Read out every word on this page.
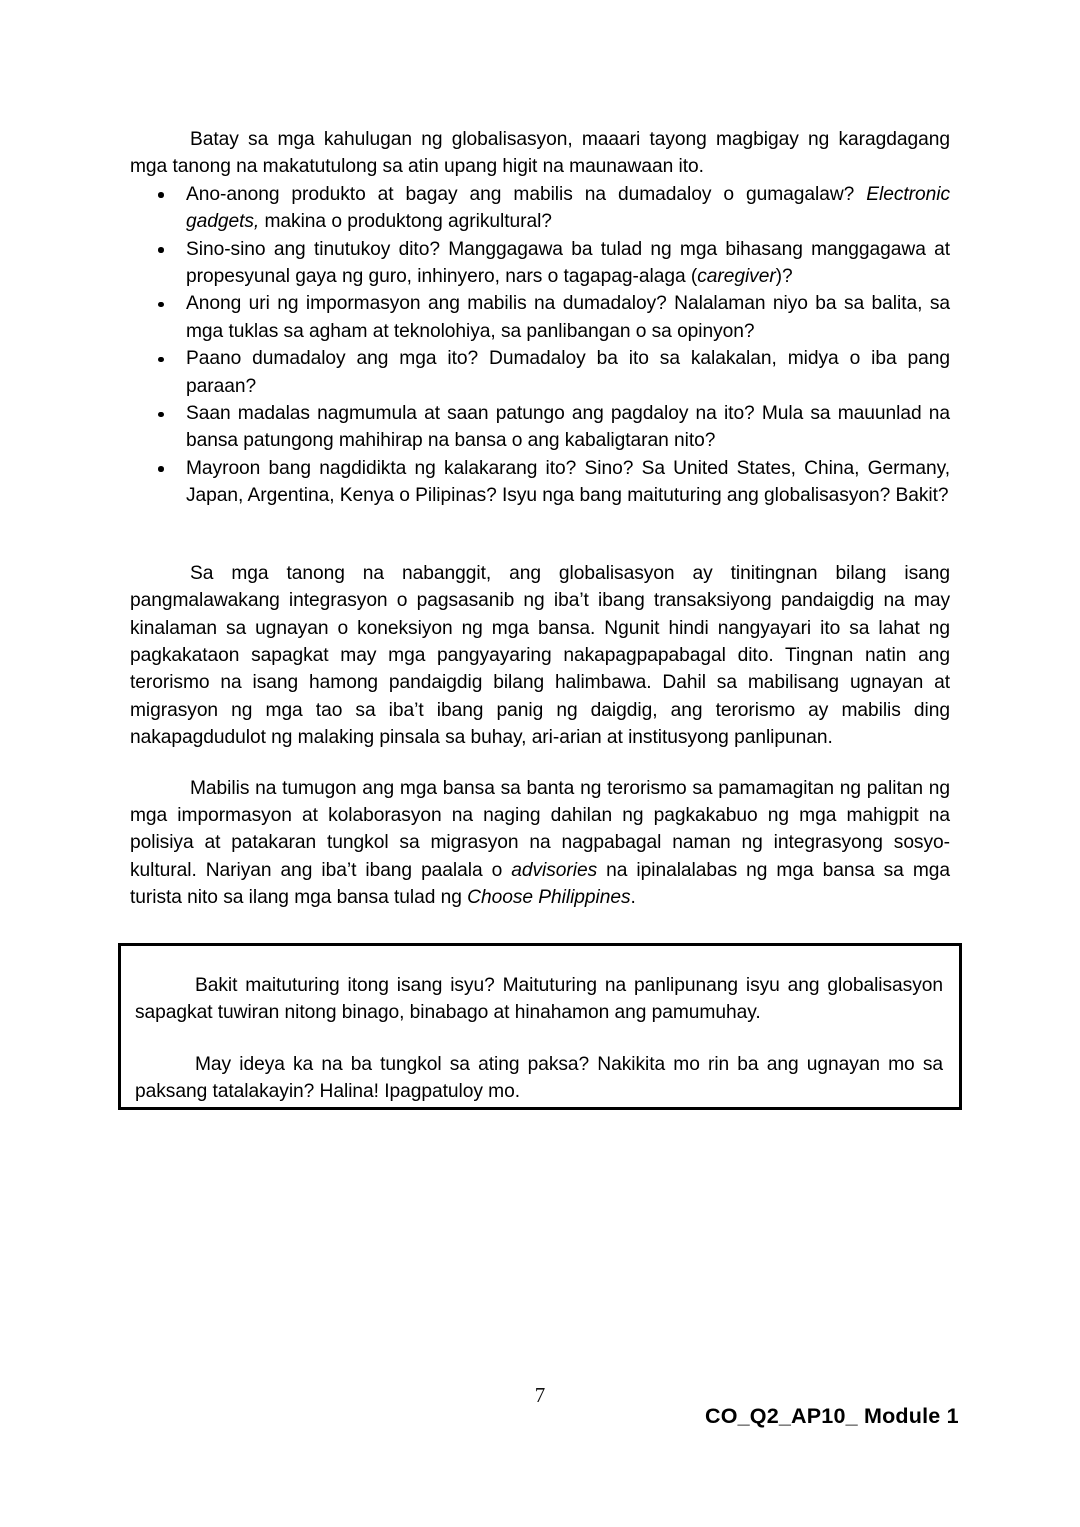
Batay sa mga kahulugan ng globalisasyon, maaari tayong magbigay ng karagdagang mga tanong na makatutulong sa atin upang higit na maunawaan ito.

Ano-anong produkto at bagay ang mabilis na dumadaloy o gumagalaw? Electronic gadgets, makina o produktong agrikultural?
Sino-sino ang tinutukoy dito? Manggagawa ba tulad ng mga bihasang manggagawa at propesyunal gaya ng guro, inhinyero, nars o tagapag-alaga (caregiver)?
Anong uri ng impormasyon ang mabilis na dumadaloy? Nalalaman niyo ba sa balita, sa mga tuklas sa agham at teknolohiya, sa panlibangan o sa opinyon?
Paano dumadaloy ang mga ito? Dumadaloy ba ito sa kalakalan, midya o iba pang paraan?
Saan madalas nagmumula at saan patungo ang pagdaloy na ito? Mula sa mauunlad na bansa patungong mahihirap na bansa o ang kabaligtaran nito?
Mayroon bang nagdidikta ng kalakarang ito? Sino? Sa United States, China, Germany, Japan, Argentina, Kenya o Pilipinas? Isyu nga bang maituturing ang globalisasyon? Bakit?

Sa mga tanong na nabanggit, ang globalisasyon ay tinitingnan bilang isang pangmalawakang integrasyon o pagsasanib ng iba’t ibang transaksiyong pandaigdig na may kinalaman sa ugnayan o koneksiyon ng mga bansa. Ngunit hindi nangyayari ito sa lahat ng pagkakataon sapagkat may mga pangyayaring nakapagpapabagal dito. Tingnan natin ang terorismo na isang hamong pandaigdig bilang halimbawa. Dahil sa mabilisang ugnayan at migrasyon ng mga tao sa iba’t ibang panig ng daigdig, ang terorismo ay mabilis ding nakapagdudulot ng malaking pinsala sa buhay, ari-arian at institusyong panlipunan.

Mabilis na tumugon ang mga bansa sa banta ng terorismo sa pamamagitan ng palitan ng mga impormasyon at kolaborasyon na naging dahilan ng pagkakabuo ng mga mahigpit na polisiya at patakaran tungkol sa migrasyon na nagpabagal naman ng integrasyong sosyo-kultural. Nariyan ang iba’t ibang paalala o advisories na ipinalalabas ng mga bansa sa mga turista nito sa ilang mga bansa tulad ng Choose Philippines.

Bakit maituturing itong isang isyu? Maituturing na panlipunang isyu ang globalisasyon sapagkat tuwiran nitong binago, binabago at hinahamon ang pamumuhay.

May ideya ka na ba tungkol sa ating paksa? Nakikita mo rin ba ang ugnayan mo sa paksang tatalakayin? Halina! Ipagpatuloy mo.

7
CO_Q2_AP10_ Module 1
